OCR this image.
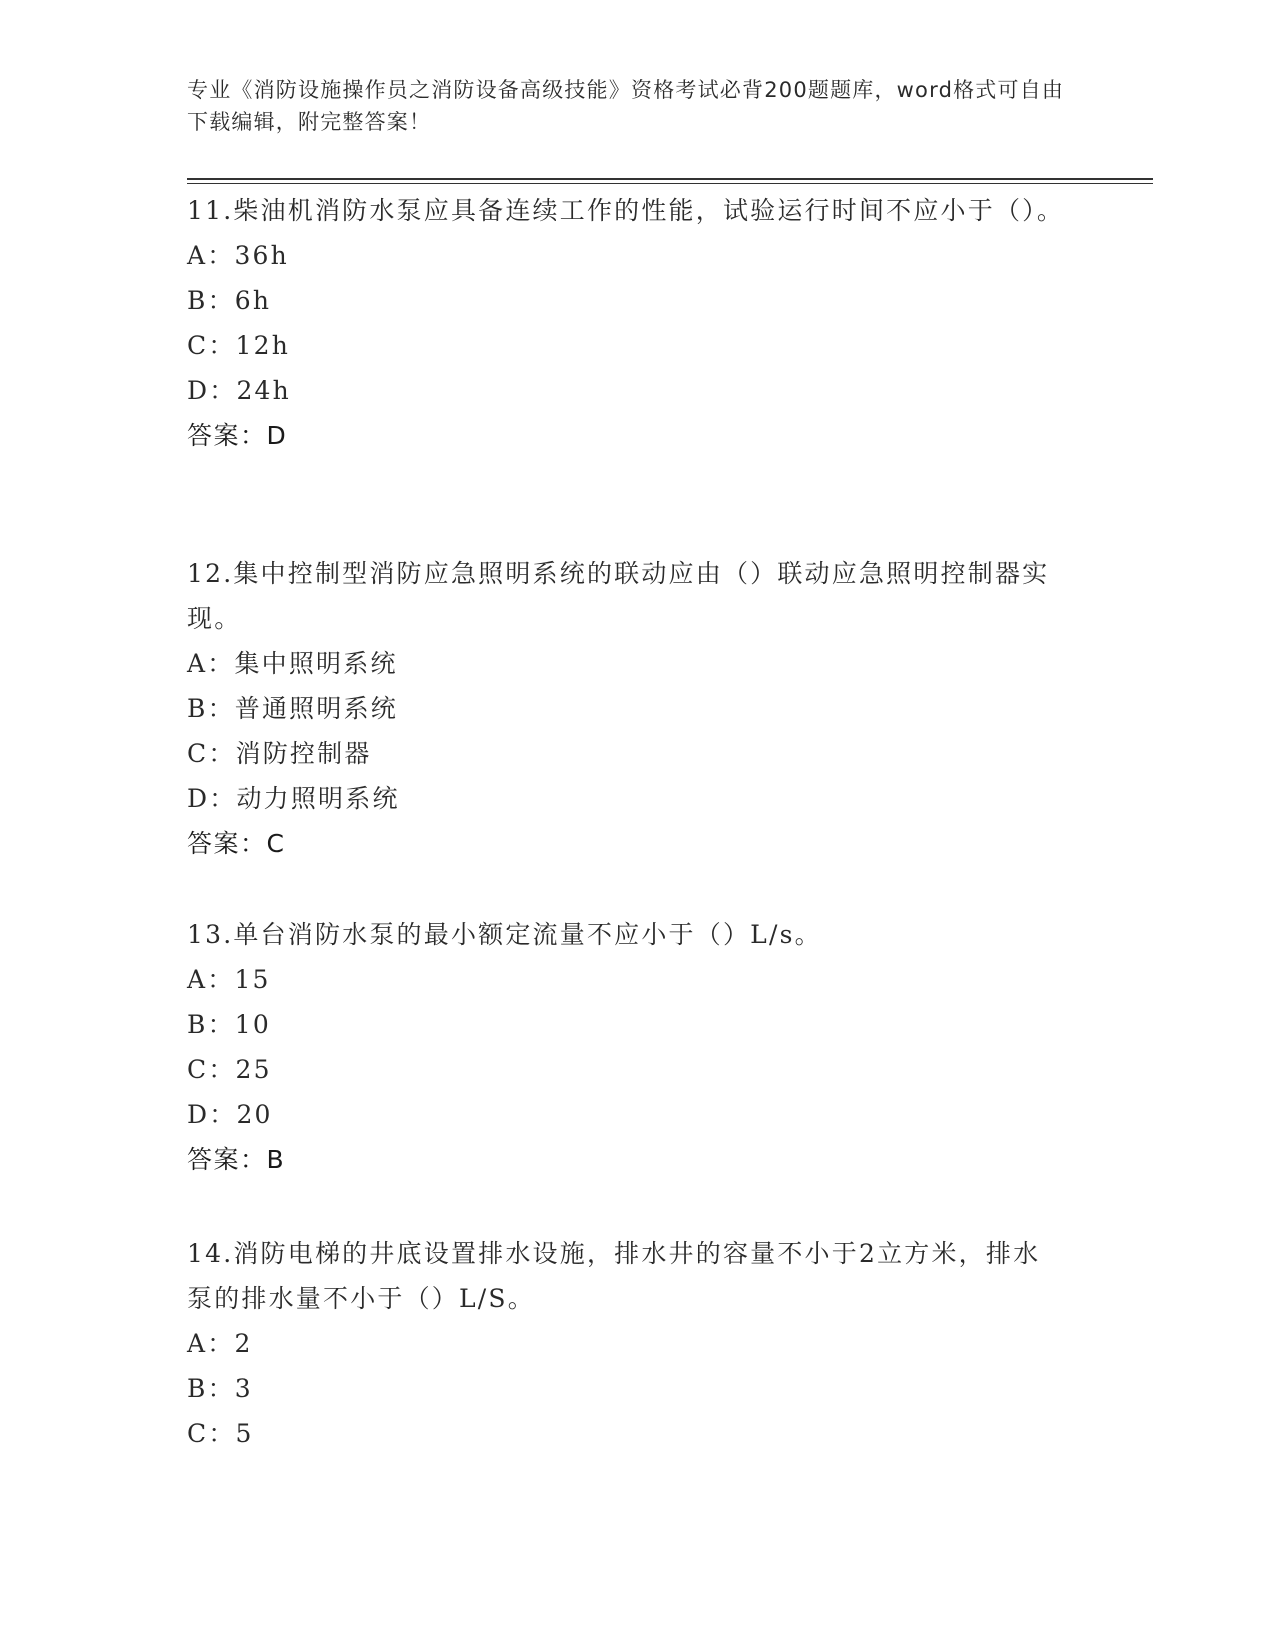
专业《消防设施操作员之消防设备高级技能》资格考试必背200题题库，word格式可自由下载编辑，附完整答案！
11.柴油机消防水泵应具备连续工作的性能，试验运行时间不应小于（）。
A：36h
B：6h
C：12h
D：24h
答案：D
12.集中控制型消防应急照明系统的联动应由（）联动应急照明控制器实现。
A：集中照明系统
B：普通照明系统
C：消防控制器
D：动力照明系统
答案：C
13.单台消防水泵的最小额定流量不应小于（）L/s。
A：15
B：10
C：25
D：20
答案：B
14.消防电梯的井底设置排水设施，排水井的容量不小于2立方米，排水泵的排水量不小于（）L/S。
A：2
B：3
C：5
